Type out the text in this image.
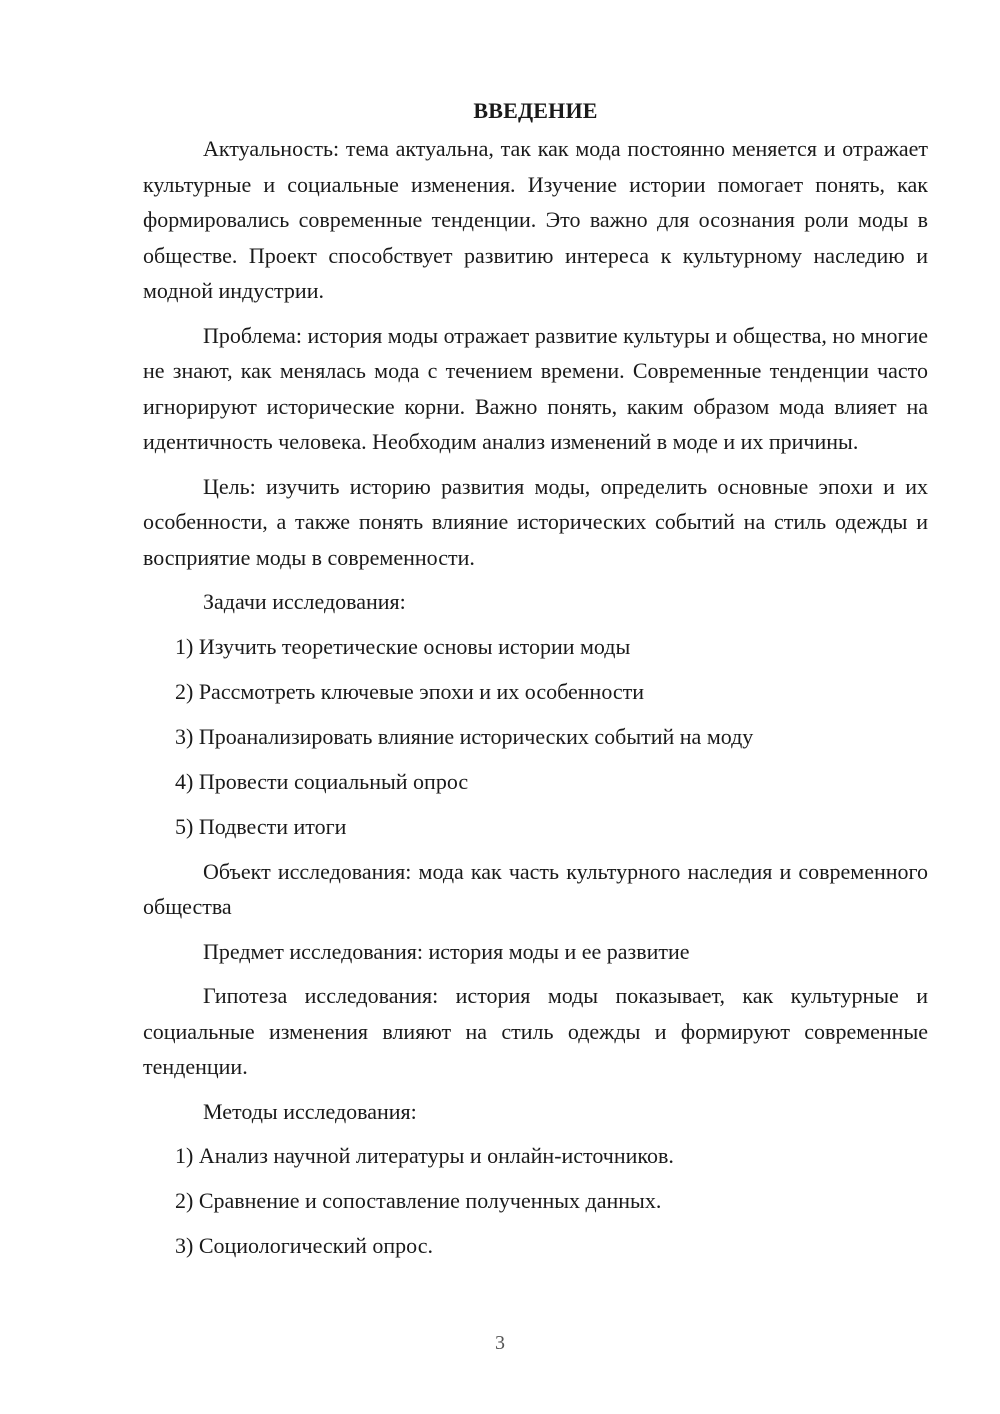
ВВЕДЕНИЕ

Актуальность: тема актуальна, так как мода постоянно меняется и отражает культурные и социальные изменения. Изучение истории помогает понять, как формировались современные тенденции. Это важно для осознания роли моды в обществе. Проект способствует развитию интереса к культурному наследию и модной индустрии.

Проблема: история моды отражает развитие культуры и общества, но многие не знают, как менялась мода с течением времени. Современные тенденции часто игнорируют исторические корни. Важно понять, каким образом мода влияет на идентичность человека. Необходим анализ изменений в моде и их причины.

Цель: изучить историю развития моды, определить основные эпохи и их особенности, а также понять влияние исторических событий на стиль одежды и восприятие моды в современности.

Задачи исследования:

1) Изучить теоретические основы истории моды
2) Рассмотреть ключевые эпохи и их особенности
3) Проанализировать влияние исторических событий на моду
4) Провести социальный опрос
5) Подвести итоги

Объект исследования: мода как часть культурного наследия и современного общества

Предмет исследования: история моды и ее развитие

Гипотеза исследования: история моды показывает, как культурные и социальные изменения влияют на стиль одежды и формируют современные тенденции.

Методы исследования:

1) Анализ научной литературы и онлайн-источников.
2) Сравнение и сопоставление полученных данных.
3) Социологический опрос.
3
